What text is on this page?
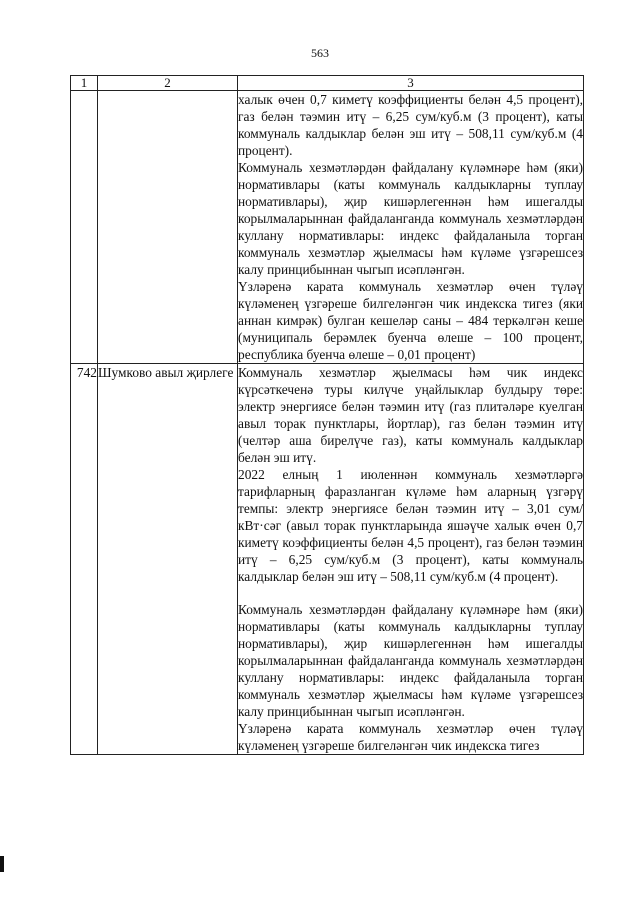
563
1	2	3

		халык өчен 0,7 киметү коэффициенты белән 4,5 процент), газ белән тәэмин итү – 6,25 сум/куб.м (3 процент), каты коммуналь калдыклар белән эш итү – 508,11 сум/куб.м (4 процент).

Коммуналь хезмәтләрдән файдалану күләмнәре һәм (яки) нормативлары (каты коммуналь калдыкларны туплау нормативлары), җир кишәрлегеннән һәм ишегалды корылмаларыннан файдаланганда коммуналь хезмәтләрдән куллану нормативлары: индекс файдаланыла торган коммуналь хезмәтләр җыелмасы һәм күләме үзгәрешсез калу принцибыннан чыгып исәпләнгән.

Үзләренә карата коммуналь хезмәтләр өчен түләү күләменең үзгәреше билгеләнгән чик индекска тигез (яки аннан кимрәк) булган кешеләр саны – 484 теркәлгән кеше (муниципаль берәмлек буенча өлеше – 100 процент, республика буенча өлеше – 0,01 процент)

742	Шумково авыл җирлеге	Коммуналь хезмәтләр җыелмасы һәм чик индекс күрсәткеченә туры килүче уңайлыклар булдыру төре: электр энергиясе белән тәэмин итү (газ плитәләре куелган авыл торак пунктлары, йортлар), газ белән тәэмин итү (челтәр аша бирелүче газ), каты коммуналь калдыклар белән эш итү.

2022 елның 1 июленнән коммуналь хезмәтләргә тарифларның фаразланган күләме һәм аларның үзгәрү темпы: электр энергиясе белән тәэмин итү – 3,01 сум/кВт·сәг (авыл торак пунктларында яшәүче халык өчен 0,7 киметү коэффициенты белән 4,5 процент), газ белән тәэмин итү – 6,25 сум/куб.м (3 процент), каты коммуналь калдыклар белән эш итү – 508,11 сум/куб.м (4 процент).

Коммуналь хезмәтләрдән файдалану күләмнәре һәм (яки) нормативлары (каты коммуналь калдыкларны туплау нормативлары), җир кишәрлегеннән һәм ишегалды корылмаларыннан файдаланганда коммуналь хезмәтләрдән куллану нормативлары: индекс файдаланыла торган коммуналь хезмәтләр җыелмасы һәм күләме үзгәрешсез калу принцибыннан чыгып исәпләнгән.

Үзләренә карата коммуналь хезмәтләр өчен түләү күләменең үзгәреше билгеләнгән чик индекска тигез
